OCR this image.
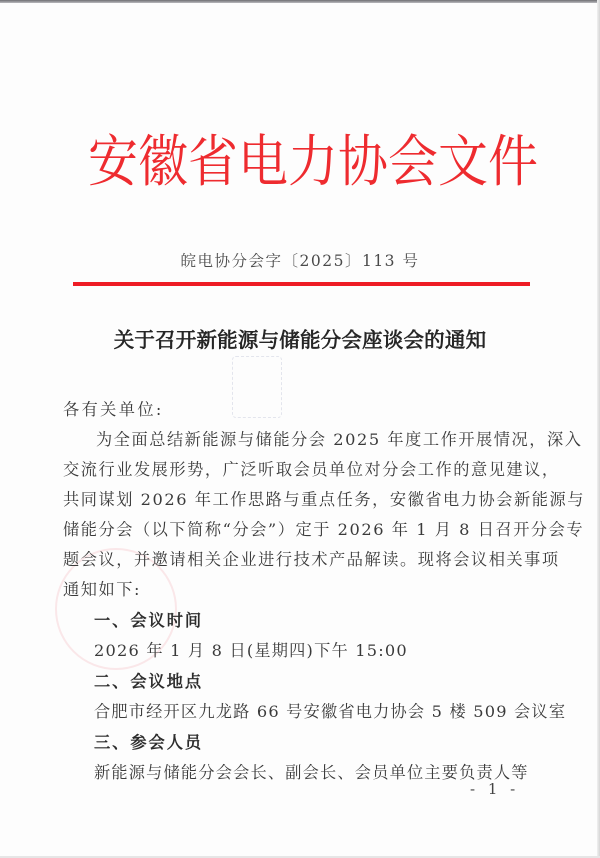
安 徽 省 电 力 协 会 文 件
皖电协分会字〔2025〕113 号
关于召开新能源与储能分会座谈会的通知
各有关单位:
为全面总结新能源与储能分会 2025 年度工作开展情况，深入
交流行业发展形势，广泛听取会员单位对分会工作的意见建议，
共同谋划 2026 年工作思路与重点任务，安徽省电力协会新能源与
储能分会（以下简称“分会”）定于 2026 年 1 月 8 日召开分会专
题会议，并邀请相关企业进行技术产品解读。现将会议相关事项
通知如下:
一、会议时间
2026 年 1 月 8 日(星期四)下午 15:00
二、会议地点
合肥市经开区九龙路 66 号安徽省电力协会 5 楼 509 会议室
三、参会人员
新能源与储能分会会长、副会长、会员单位主要负责人等
- 1 -
